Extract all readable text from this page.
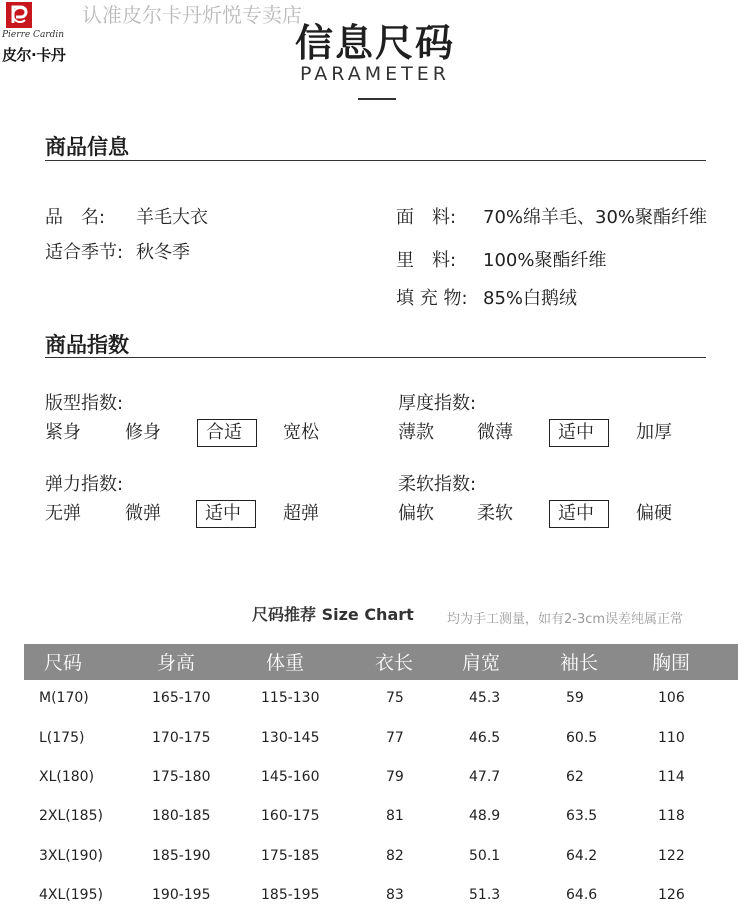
Pierre Cardin
皮尔·卡丹
认准皮尔卡丹炘悦专卖店
信息尺码
PARAMETER
商品信息
品　名: 羊毛大衣
适合季节: 秋冬季
面　料: 70%绵羊毛、30%聚酯纤维
里　料: 100%聚酯纤维
填 充 物: 85%白鹅绒
商品指数
版型指数:
紧身 修身	合适	宽松
厚度指数:
薄款 微薄	适中	加厚
弹力指数:
无弹 微弹	适中	超弹
柔软指数:
偏软 柔软	适中	偏硬
尺码推荐 Size Chart	均为手工测量，如有2-3cm误差纯属正常
尺码	身高	体重	衣长	肩宽	袖长	胸围
M(170)	165-170	115-130	75	45.3	59	106
L(175)	170-175	130-145	77	46.5	60.5	110
XL(180)	175-180	145-160	79	47.7	62	114
2XL(185)	180-185	160-175	81	48.9	63.5	118
3XL(190)	185-190	175-185	82	50.1	64.2	122
4XL(195)	190-195	185-195	83	51.3	64.6	126
